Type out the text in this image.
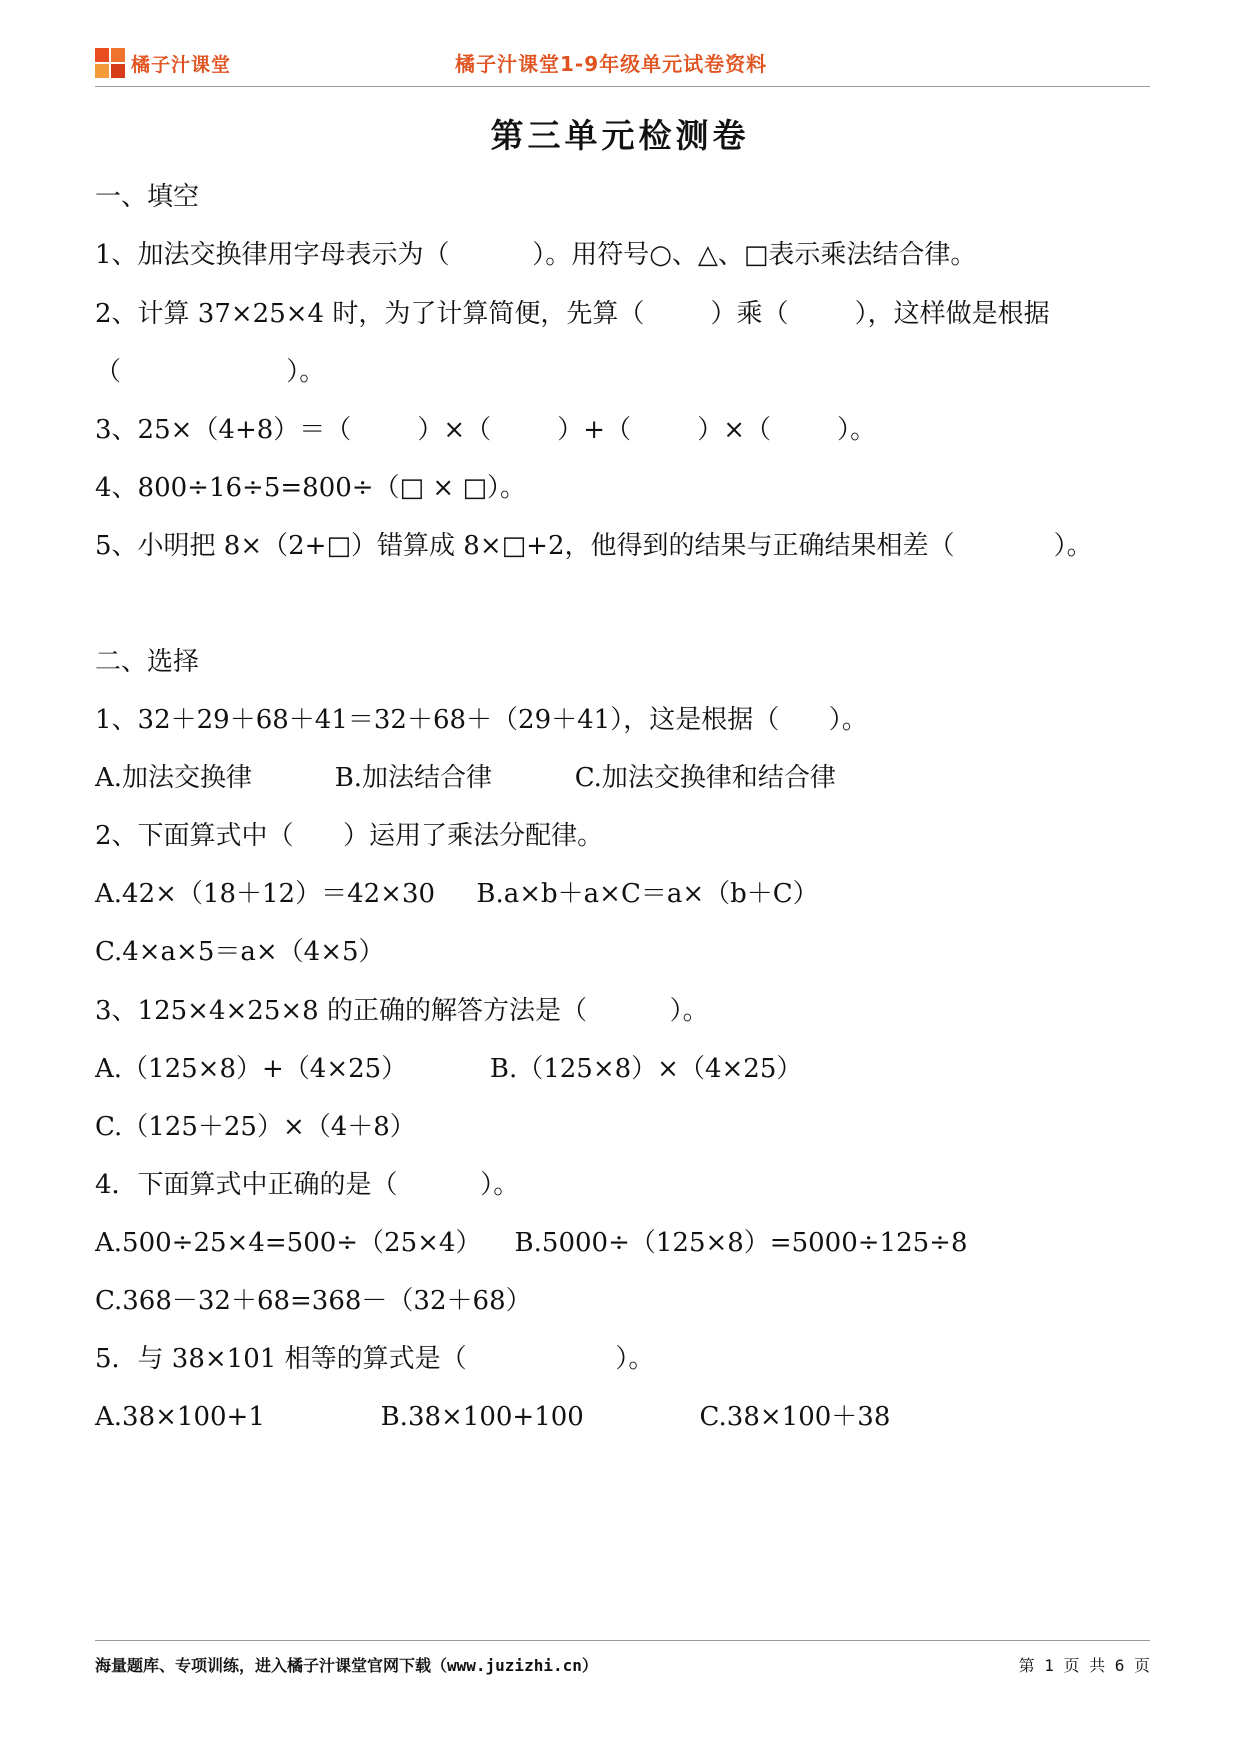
橘子汁课堂	橘子汁课堂1-9年级单元试卷资料
第三单元检测卷
一、填空
1、加法交换律用字母表示为（          ）。用符号○、△、□表示乘法结合律。
2、计算 37×25×4 时，为了计算简便，先算（        ）乘（        ），这样做是根据
（                    ）。
3、25×（4+8）＝（        ）×（        ）+（        ）×（        ）。
4、800÷16÷5=800÷（□ × □）。
5、小明把 8×（2+□）错算成 8×□+2，他得到的结果与正确结果相差（            ）。
二、选择
1、32＋29＋68＋41＝32＋68＋（29＋41），这是根据（      ）。
A.加法交换律          B.加法结合律          C.加法交换律和结合律
2、下面算式中（      ）运用了乘法分配律。
A.42×（18＋12）＝42×30     B.a×b＋a×C＝a×（b＋C）
C.4×a×5＝a×（4×5）
3、125×4×25×8 的正确的解答方法是（          ）。
A.（125×8）+（4×25）          B.（125×8）×（4×25）
C.（125＋25）×（4＋8）
4．下面算式中正确的是（          ）。
A.500÷25×4=500÷（25×4）    B.5000÷（125×8）=5000÷125÷8
C.368－32＋68=368－（32＋68）
5．与 38×101 相等的算式是（                  ）。
A.38×100+1              B.38×100+100              C.38×100＋38
海量题库、专项训练，进入橘子汁课堂官网下载（www.juzizhi.cn）	第 1 页 共 6 页
